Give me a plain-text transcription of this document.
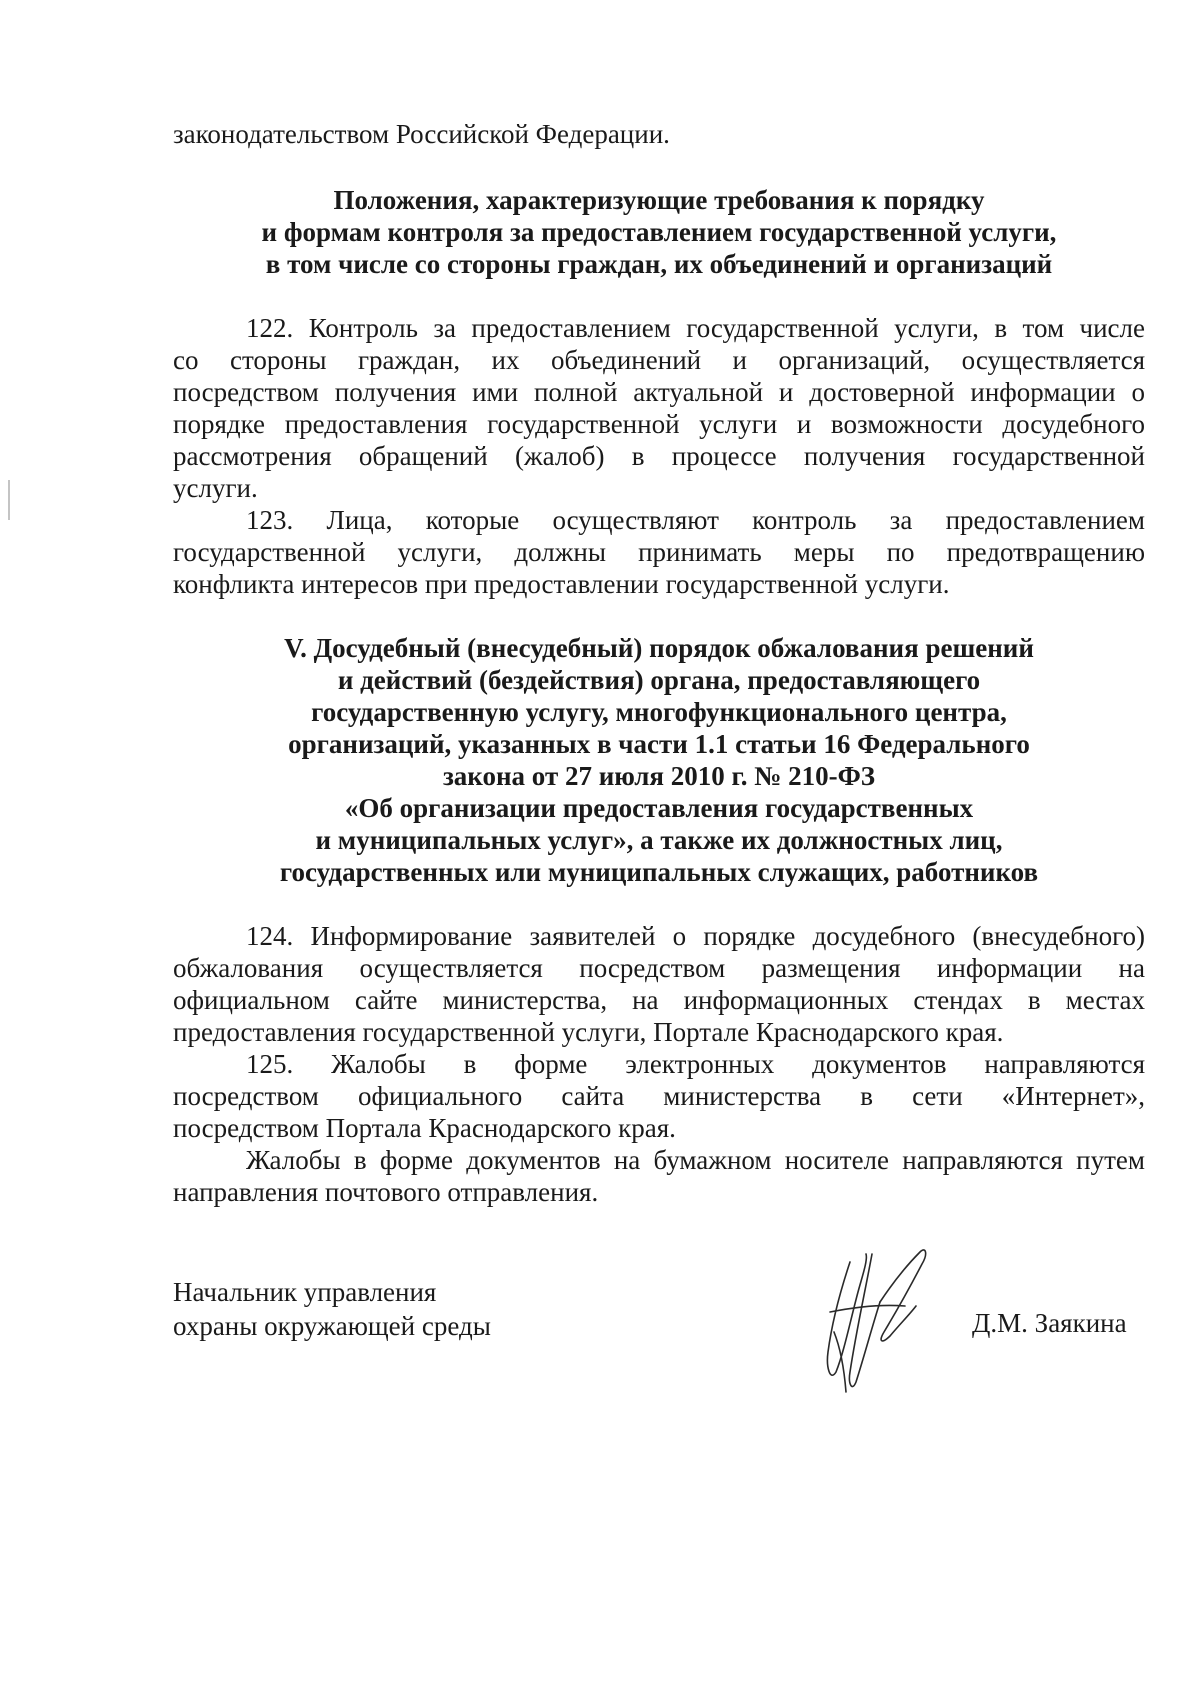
законодательством Российской Федерации.
Положения, характеризующие требования к порядку
и формам контроля за предоставлением государственной услуги,
в том числе со стороны граждан, их объединений и организаций
122. Контроль за предоставлением государственной услуги, в том числе
со стороны граждан, их объединений и организаций, осуществляется
посредством получения ими полной актуальной и достоверной информации о
порядке предоставления государственной услуги и возможности досудебного
рассмотрения обращений (жалоб) в процессе получения государственной
услуги.
123. Лица, которые осуществляют контроль за предоставлением
государственной услуги, должны принимать меры по предотвращению
конфликта интересов при предоставлении государственной услуги.
V. Досудебный (внесудебный) порядок обжалования решений
и действий (бездействия) органа, предоставляющего
государственную услугу, многофункционального центра,
организаций, указанных в части 1.1 статьи 16 Федерального
закона от 27 июля 2010 г. № 210-ФЗ
«Об организации предоставления государственных
и муниципальных услуг», а также их должностных лиц,
государственных или муниципальных служащих, работников
124. Информирование заявителей о порядке досудебного (внесудебного)
обжалования осуществляется посредством размещения информации на
официальном сайте министерства, на информационных стендах в местах
предоставления государственной услуги, Портале Краснодарского края.
125. Жалобы в форме электронных документов направляются
посредством официального сайта министерства в сети «Интернет»,
посредством Портала Краснодарского края.
Жалобы в форме документов на бумажном носителе направляются путем
направления почтового отправления.
Начальник управления
охраны окружающей среды	Д.М. Заякина
